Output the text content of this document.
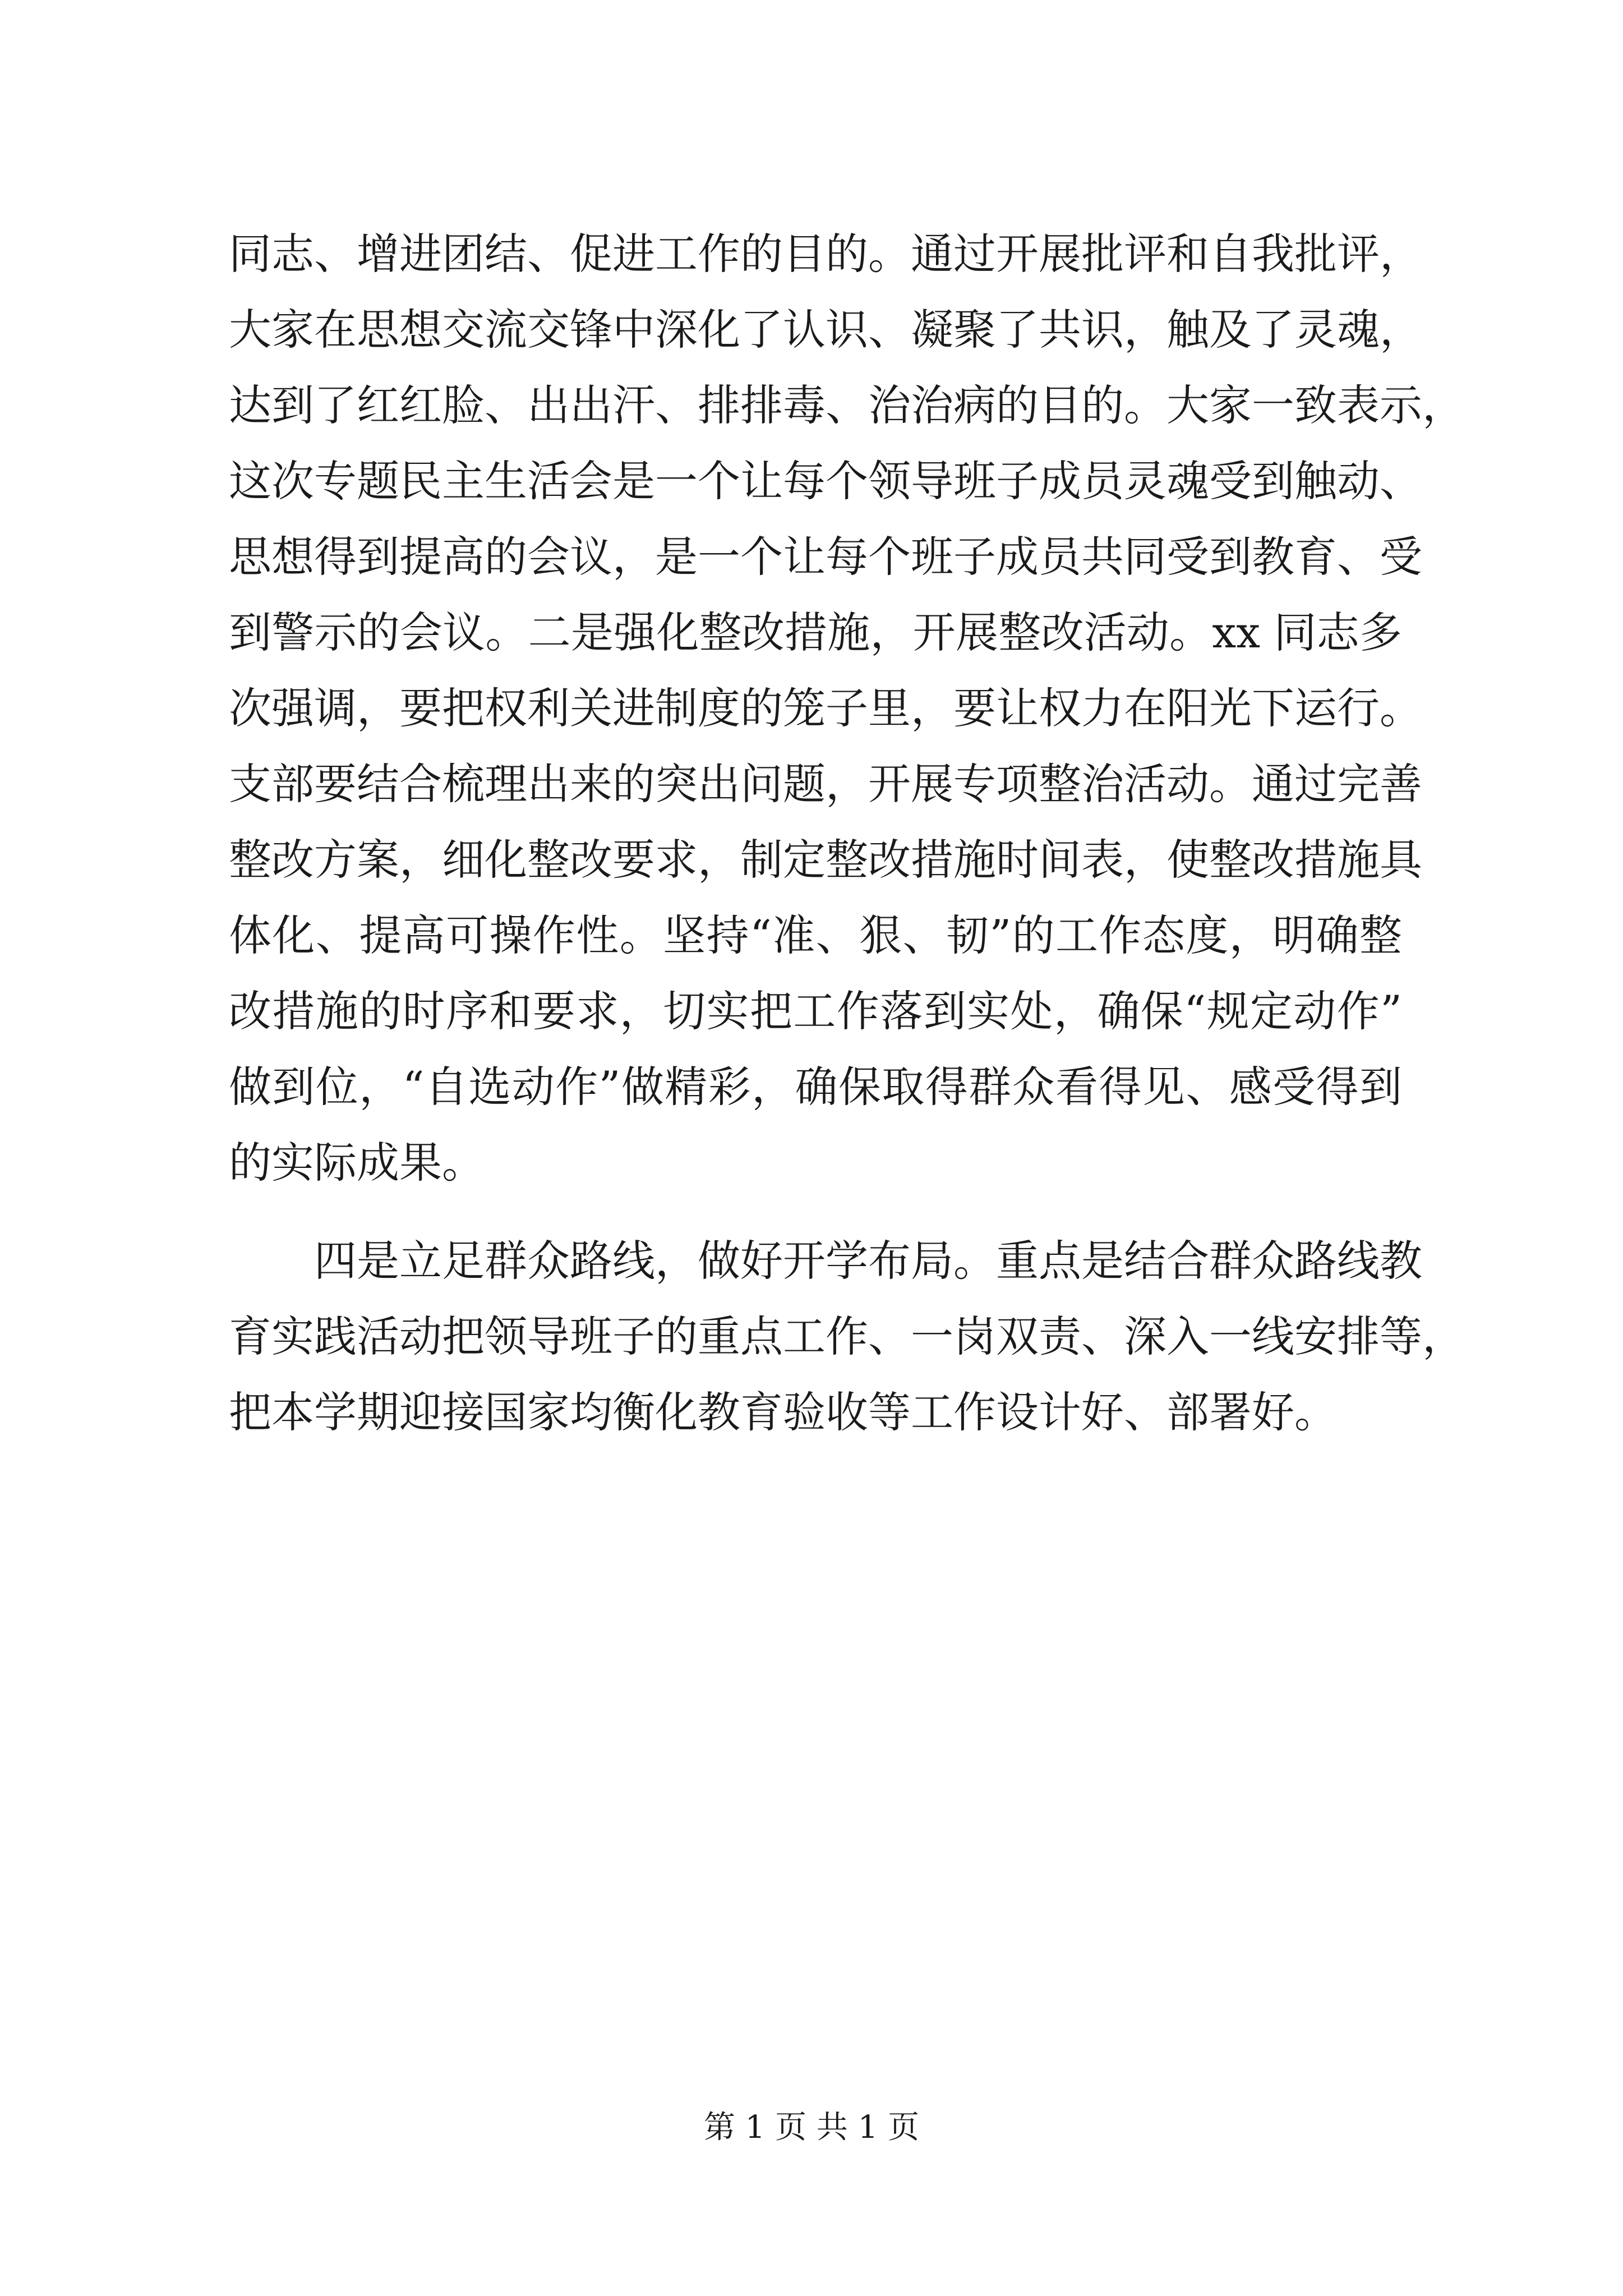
同志、增进团结、促进工作的目的。通过开展批评和自我批评，
大家在思想交流交锋中深化了认识、凝聚了共识，触及了灵魂，
达到了红红脸、出出汗、排排毒、治治病的目的。大家一致表示，
这次专题民主生活会是一个让每个领导班子成员灵魂受到触动、
思想得到提高的会议，是一个让每个班子成员共同受到教育、受
到警示的会议。二是强化整改措施，开展整改活动。xx 同志多
次强调，要把权利关进制度的笼子里，要让权力在阳光下运行。
支部要结合梳理出来的突出问题，开展专项整治活动。通过完善
整改方案，细化整改要求，制定整改措施时间表，使整改措施具
体化、提高可操作性。坚持“准、狠、韧”的工作态度，明确整
改措施的时序和要求，切实把工作落到实处，确保“规定动作”
做到位，“自选动作”做精彩，确保取得群众看得见、感受得到
的实际成果。
四是立足群众路线，做好开学布局。重点是结合群众路线教
育实践活动把领导班子的重点工作、一岗双责、深入一线安排等，
把本学期迎接国家均衡化教育验收等工作设计好、部署好。
第 1 页 共 1 页
